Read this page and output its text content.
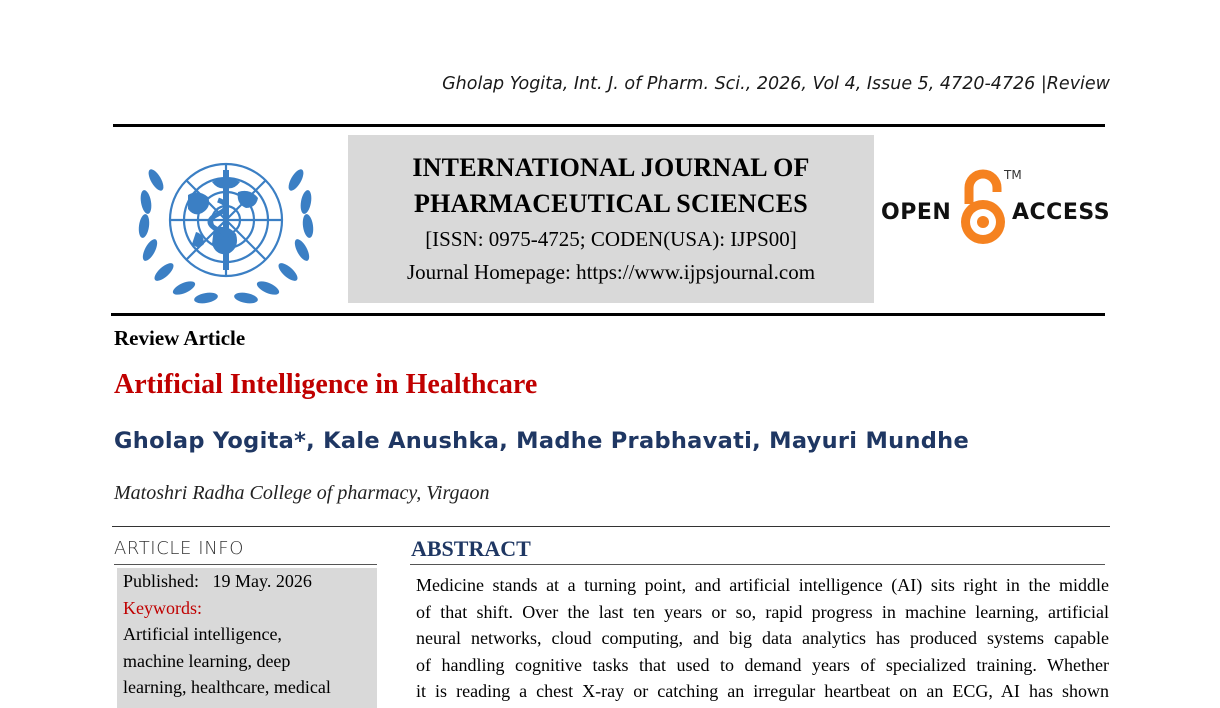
Gholap Yogita, Int. J. of Pharm. Sci., 2026, Vol 4, Issue 5, 4720-4726 |Review
INTERNATIONAL JOURNAL OF
PHARMACEUTICAL SCIENCES
[ISSN: 0975-4725; CODEN(USA): IJPS00]
Journal Homepage: https://www.ijpsjournal.com
OPEN	ACCESS
TM
Review Article
Artificial Intelligence in Healthcare
Gholap Yogita*, Kale Anushka, Madhe Prabhavati, Mayuri Mundhe
Matoshri Radha College of pharmacy, Virgaon
ARTICLE INFO
Published: 19 May. 2026
Keywords:
Artificial intelligence,
machine learning, deep
learning, healthcare, medical
ABSTRACT
Medicine stands at a turning point, and artificial intelligence (AI) sits right in the middle
of that shift. Over the last ten years or so, rapid progress in machine learning, artificial
neural networks, cloud computing, and big data analytics has produced systems capable
of handling cognitive tasks that used to demand years of specialized training. Whether
it is reading a chest X-ray or catching an irregular heartbeat on an ECG, AI has shown
